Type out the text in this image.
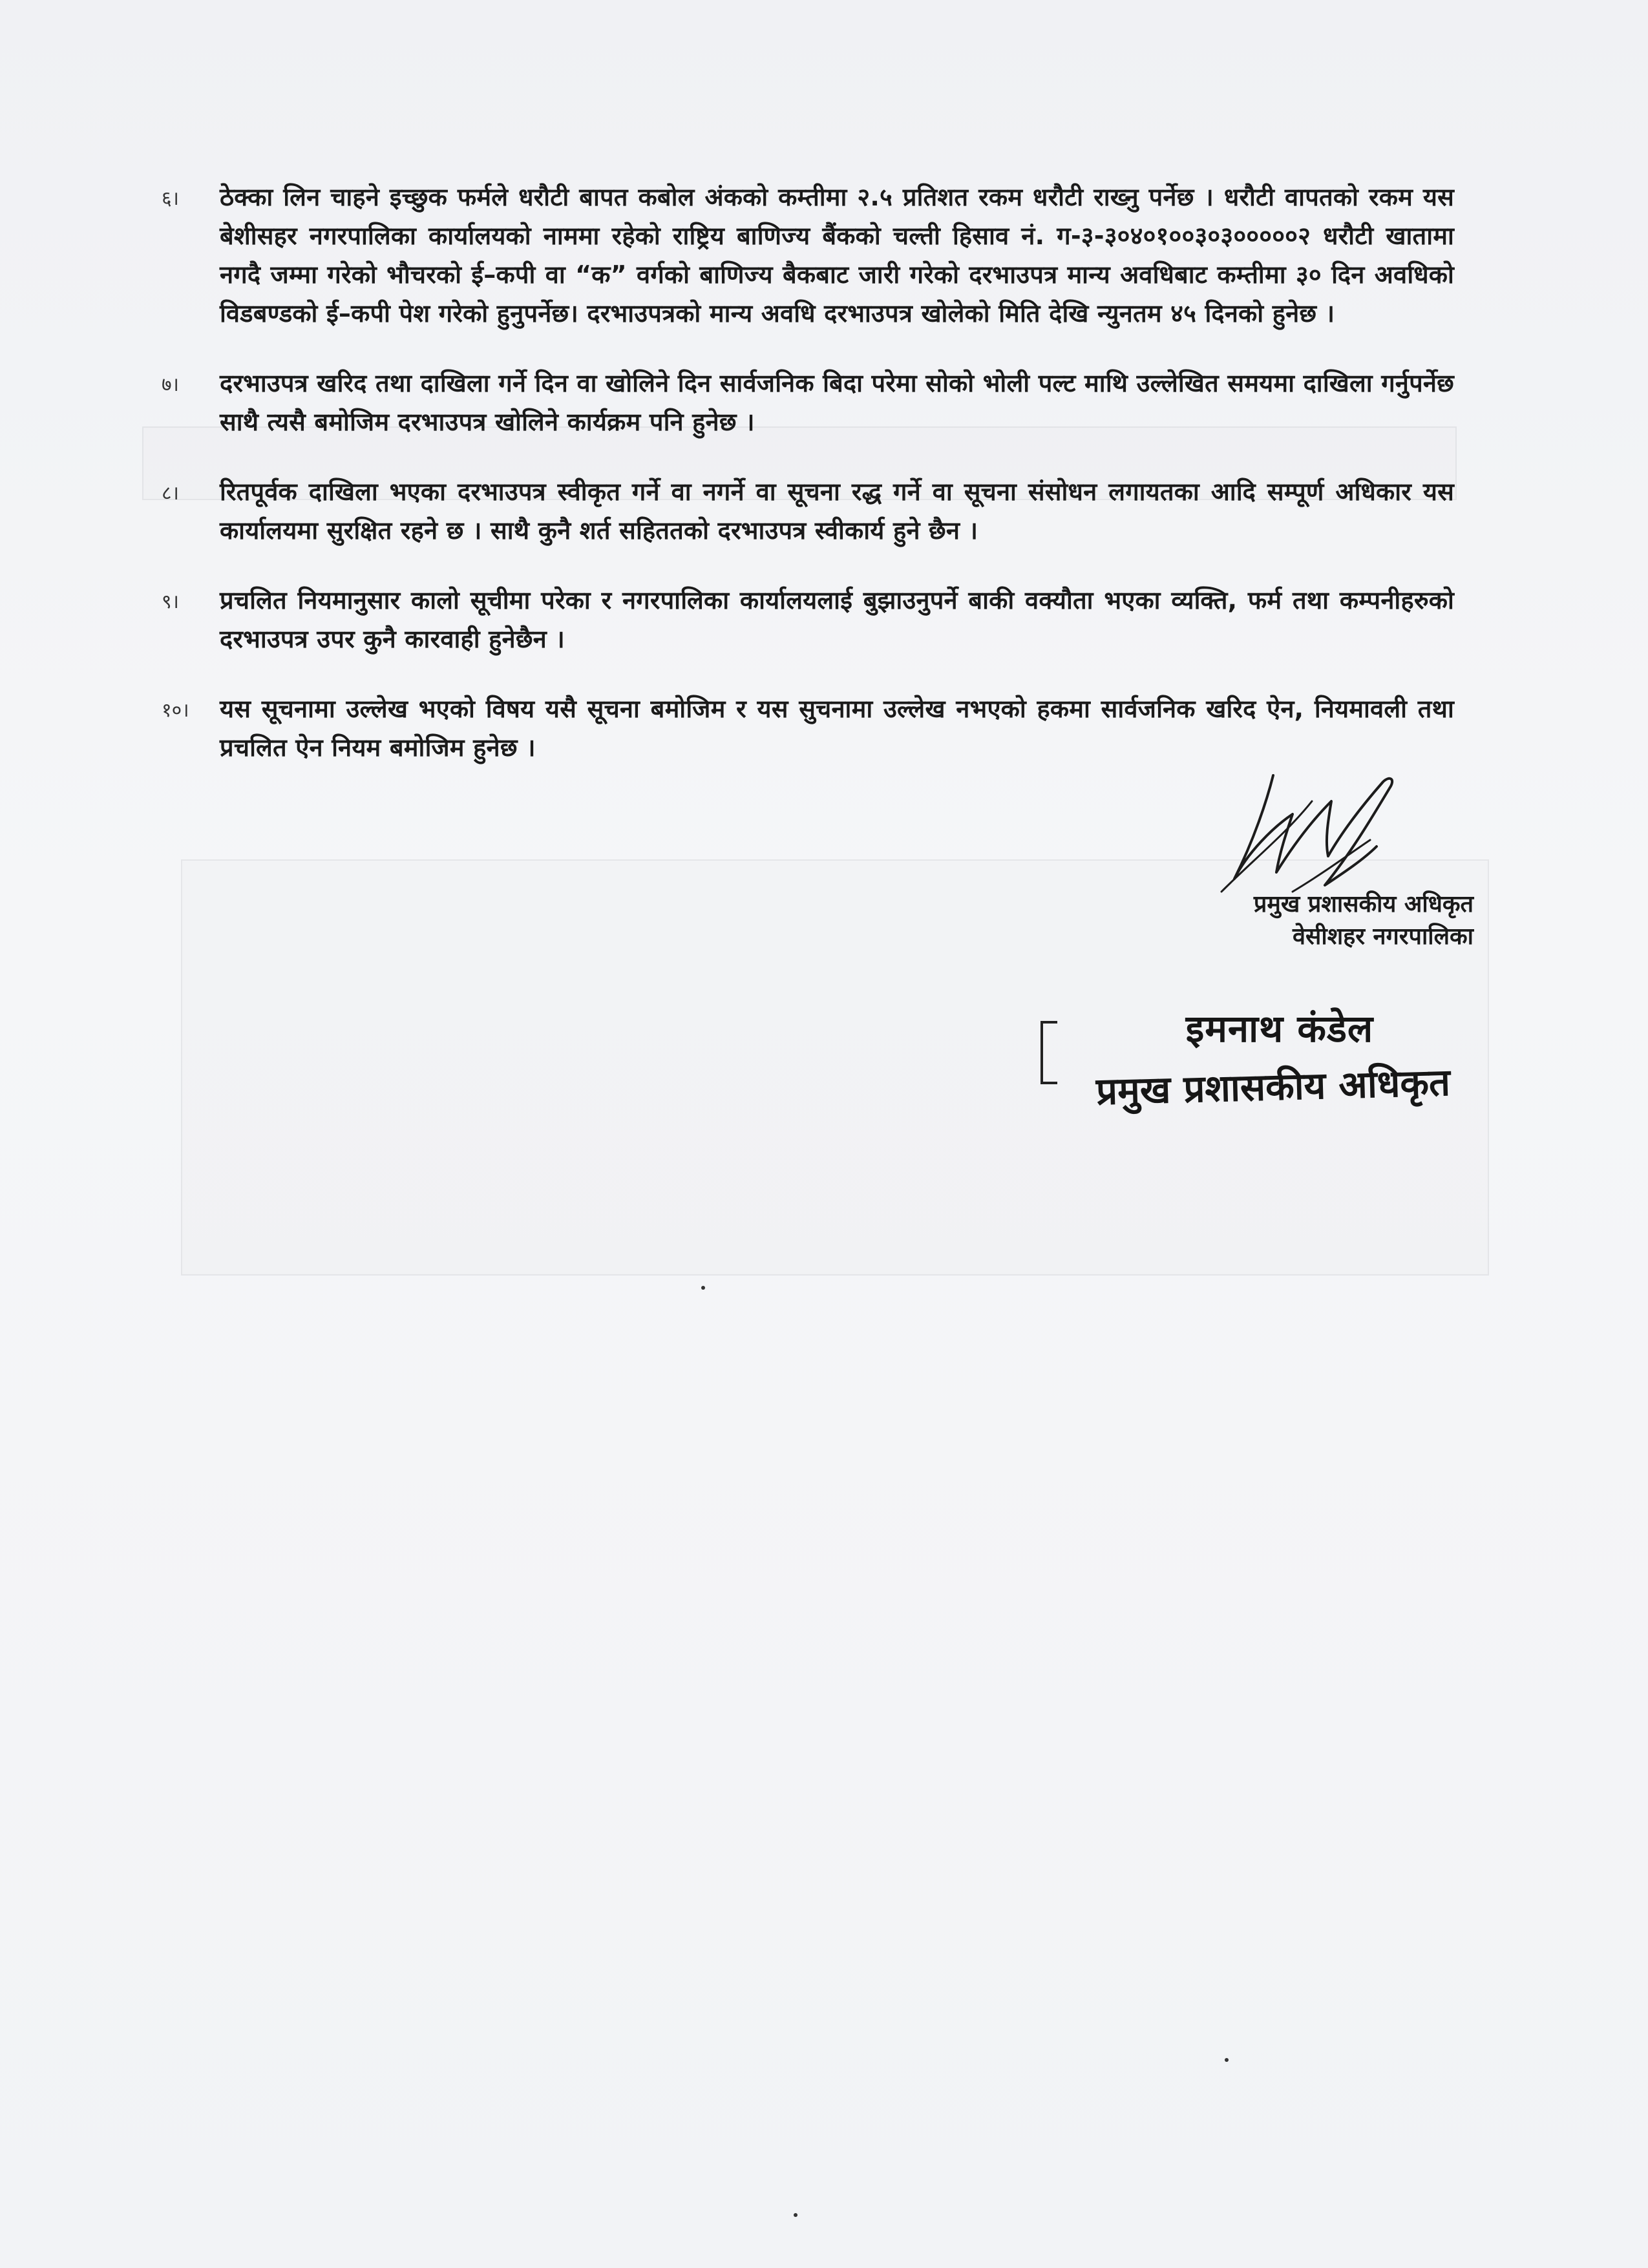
६।	ठेक्का लिन चाहने इच्छुक फर्मले धरौटी बापत कबोल अंकको कम्तीमा २.५ प्रतिशत रकम धरौटी राख्नु पर्नेछ । धरौटी वापतको रकम यस बेशीसहर नगरपालिका कार्यालयको नाममा रहेको राष्ट्रिय बाणिज्य बैंकको चल्ती हिसाव नं. ग-३-३०४०१००३०३०००००२ धरौटी खातामा नगदै जम्मा गरेको भौचरको ई–कपी वा “क” वर्गको बाणिज्य बैकबाट जारी गरेको दरभाउपत्र मान्य अवधिबाट कम्तीमा ३० दिन अवधिको विडबण्डको ई–कपी पेश गरेको हुनुपर्नेछ। दरभाउपत्रको मान्य अवधि दरभाउपत्र खोलेको मिति देखि न्युनतम ४५ दिनको हुनेछ ।
७।	दरभाउपत्र खरिद तथा दाखिला गर्ने दिन वा खोलिने दिन सार्वजनिक बिदा परेमा सोको भोली पल्ट माथि उल्लेखित समयमा दाखिला गर्नुपर्नेछ साथै त्यसै बमोजिम दरभाउपत्र खोलिने कार्यक्रम पनि हुनेछ ।
८।	रितपूर्वक दाखिला भएका दरभाउपत्र स्वीकृत गर्ने वा नगर्ने वा सूचना रद्ध गर्ने वा सूचना संसोधन लगायतका आदि सम्पूर्ण अधिकार यस कार्यालयमा सुरक्षित रहने छ । साथै कुनै शर्त सहिततको दरभाउपत्र स्वीकार्य हुने छैन ।
९।	प्रचलित नियमानुसार कालो सूचीमा परेका र नगरपालिका कार्यालयलाई बुझाउनुपर्ने बाकी वक्यौता भएका व्यक्ति, फर्म तथा कम्पनीहरुको दरभाउपत्र उपर कुनै कारवाही हुनेछैन ।
१०।	यस सूचनामा उल्लेख भएको विषय यसै सूचना बमोजिम र यस सुचनामा उल्लेख नभएको हकमा सार्वजनिक खरिद ऐन, नियमावली तथा प्रचलित ऐन नियम बमोजिम हुनेछ ।
प्रमुख प्रशासकीय अधिकृत
वेसीशहर नगरपालिका
इमनाथ कंडेल
प्रमुख प्रशासकीय अधिकृत
